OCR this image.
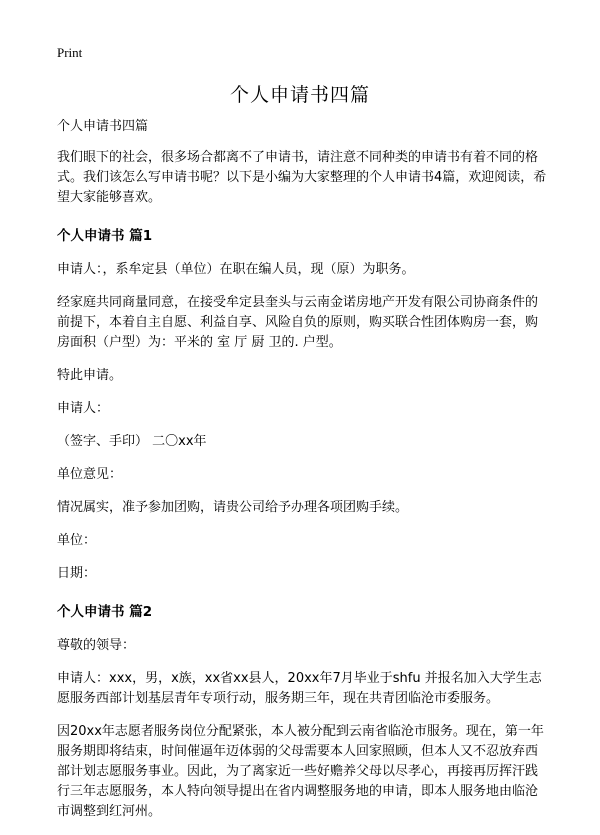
Print
个人申请书四篇

个人申请书四篇

我们眼下的社会，很多场合都离不了申请书，请注意不同种类的申请书有着不同的格式。我们该怎么写申请书呢？以下是小编为大家整理的个人申请书4篇，欢迎阅读，希望大家能够喜欢。

个人申请书 篇1

申请人：，系牟定县（单位）在职在编人员，现（原）为职务。

经家庭共同商量同意，在接受牟定县奎头与云南金诺房地产开发有限公司协商条件的前提下，本着自主自愿、利益自享、风险自负的原则，购买联合性团体购房一套，购房面积（户型）为：平米的 室 厅 厨 卫的. 户型。

特此申请。

申请人：

（签字、手印） 二〇xx年

单位意见：

情况属实，准予参加团购，请贵公司给予办理各项团购手续。

单位：

日期：

个人申请书 篇2

尊敬的领导：

申请人：xxx，男，x族，xx省xx县人，20xx年7月毕业于shfu 并报名加入大学生志愿服务西部计划基层青年专项行动，服务期三年，现在共青团临沧市委服务。

因20xx年志愿者服务岗位分配紧张，本人被分配到云南省临沧市服务。现在，第一年服务期即将结束，时间催逼年迈体弱的父母需要本人回家照顾，但本人又不忍放弃西部计划志愿服务事业。因此，为了离家近一些好赡养父母以尽孝心，再接再厉挥汗践行三年志愿服务，本人特向领导提出在省内调整服务地的申请，即本人服务地由临沧市调整到红河州。
